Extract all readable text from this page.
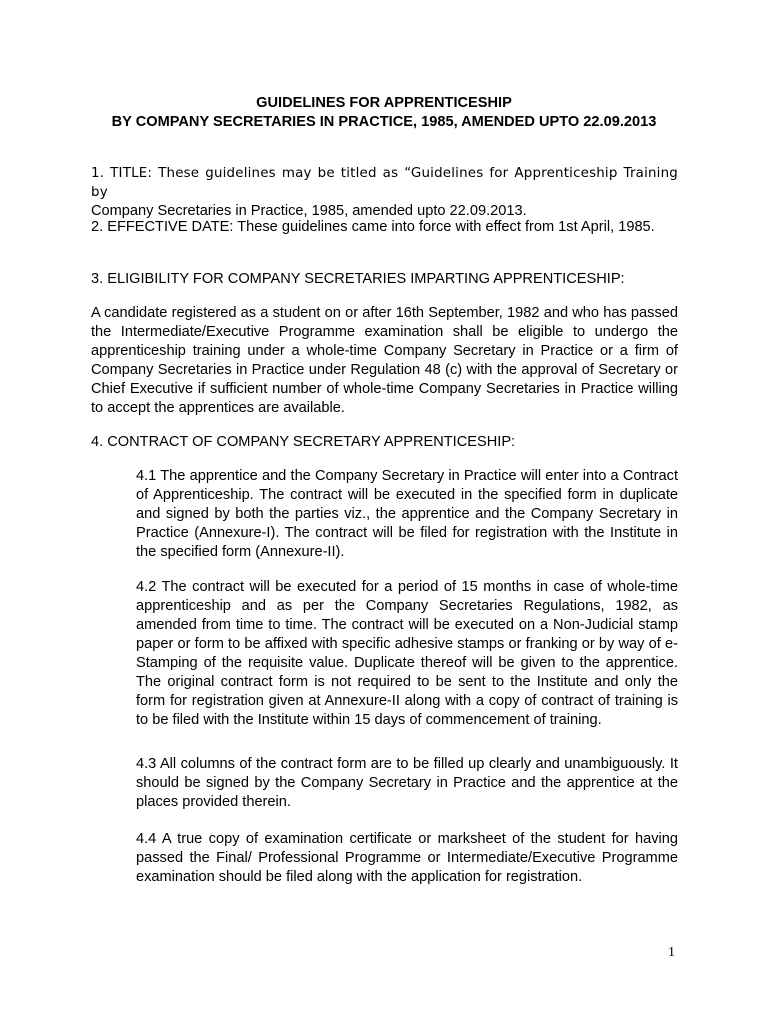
GUIDELINES FOR APPRENTICESHIP
BY COMPANY SECRETARIES IN PRACTICE, 1985, AMENDED UPTO 22.09.2013
1. TITLE: These guidelines may be titled as “Guidelines for Apprenticeship Training by
Company Secretaries in Practice, 1985, amended upto 22.09.2013.

2. EFFECTIVE DATE: These guidelines came into force with effect from 1st April, 1985.

3. ELIGIBILITY FOR COMPANY SECRETARIES IMPARTING APPRENTICESHIP:

A candidate registered as a student on or after 16th September, 1982 and who has passed the Intermediate/Executive Programme examination shall be eligible to undergo the apprenticeship training under a whole-time Company Secretary in Practice or a firm of Company Secretaries in Practice under Regulation 48 (c) with the approval of Secretary or Chief Executive if sufficient number of whole-time Company Secretaries in Practice willing to accept the apprentices are available.

4. CONTRACT OF COMPANY SECRETARY APPRENTICESHIP:

4.1 The apprentice and the Company Secretary in Practice will enter into a Contract of Apprenticeship. The contract will be executed in the specified form in duplicate and signed by both the parties viz., the apprentice and the Company Secretary in Practice (Annexure-I). The contract will be filed for registration with the Institute in the specified form (Annexure-II).

4.2 The contract will be executed for a period of 15 months in case of whole-time apprenticeship and as per the Company Secretaries Regulations, 1982, as amended from time to time. The contract will be executed on a Non-Judicial stamp paper or form to be affixed with specific adhesive stamps or franking or by way of e-Stamping of the requisite value. Duplicate thereof will be given to the apprentice. The original contract form is not required to be sent to the Institute and only the form for registration given at Annexure-II along with a copy of contract of training is to be filed with the Institute within 15 days of commencement of training.

4.3 All columns of the contract form are to be filled up clearly and unambiguously. It should be signed by the Company Secretary in Practice and the apprentice at the places provided therein.

4.4 A true copy of examination certificate or marksheet of the student for having passed the Final/ Professional Programme or Intermediate/Executive Programme examination should be filed along with the application for registration.

1
